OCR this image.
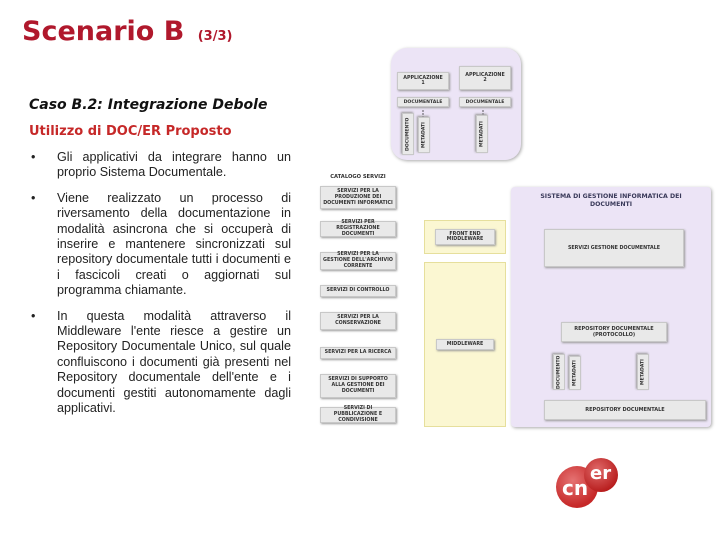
Scenario B (3/3)
Caso B.2: Integrazione Debole
Utilizzo di DOC/ER Proposto
• Gli applicativi da integrare hanno un proprio Sistema Documentale.
• Viene realizzato un processo di riversamento della documentazione in modalità asincrona che si occuperà di inserire e mantenere sincronizzati sul repository documentale tutti i documenti e i fascicoli creati o aggiornati sul programma chiamante.
• In questa modalità attraverso il Middleware l'ente riesce a gestire un Repository Documentale Unico, sul quale confluiscono i documenti già presenti nel Repository documentale dell'ente e i documenti gestiti autonomamente dagli applicativi.
APPLICAZIONE
1
APPLICAZIONE
2
DOCUMENTALE	DOCUMENTALE
DOCUMENTO METADATI	METADATI
CATALOGO SERVIZI
SERVIZI PER LA PRODUZIONE DEI DOCUMENTI INFORMATICI
SERVIZI PER REGISTRAZIONE DOCUMENTI
SERVIZI PER LA GESTIONE DELL'ARCHIVIO CORRENTE
SERVIZI DI CONTROLLO
SERVIZI PER LA CONSERVAZIONE
SERVIZI PER LA RICERCA
SERVIZI DI SUPPORTO ALLA GESTIONE DEI DOCUMENTI
SERVIZI DI PUBBLICAZIONE E CONDIVISIONE
FRONT END MIDDLEWARE
MIDDLEWARE
SISTEMA DI GESTIONE INFORMATICA DEI DOCUMENTI
SERVIZI GESTIONE DOCUMENTALE
REPOSITORY DOCUMENTALE (PROTOCOLLO)
DOCUMENTO METADATI	METADATI
REPOSITORY DOCUMENTALE
cn
er
